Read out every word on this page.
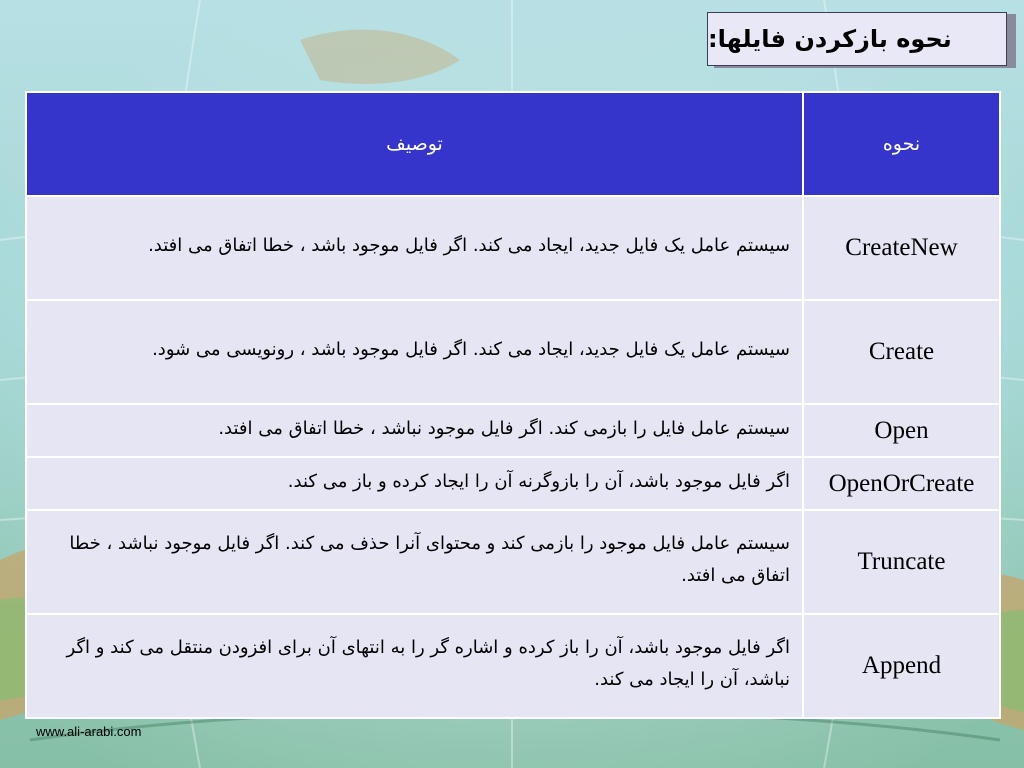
نحوه بازکردن فایلها:
توصیف	نحوه
سیستم عامل یک فایل جدید، ایجاد می کند. اگر فایل موجود باشد ، خطا اتفاق می افتد.	CreateNew
سیستم عامل یک فایل جدید، ایجاد می کند. اگر فایل موجود باشد ، رونویسی می شود.	Create
سیستم عامل فایل را بازمی کند. اگر فایل موجود نباشد ، خطا اتفاق می افتد.	Open
اگر فایل موجود باشد، آن را بازوگرنه آن را ایجاد کرده و باز می کند.	OpenOrCreate
سیستم عامل فایل موجود را بازمی کند و محتوای آنرا حذف می کند. اگر فایل موجود نباشد ، خطا اتفاق می افتد.	Truncate
اگر فایل موجود باشد، آن را باز کرده و اشاره گر را به انتهای آن برای افزودن منتقل می کند و اگر نباشد، آن را ایجاد می کند.	Append
www.ali-arabi.com
